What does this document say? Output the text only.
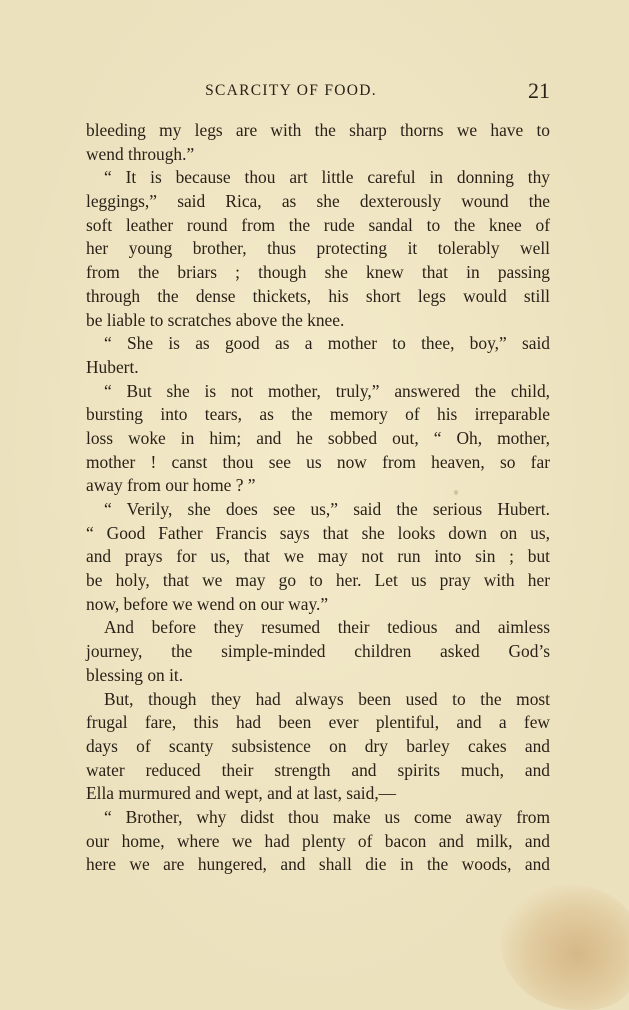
SCARCITY OF FOOD.	21

bleeding my legs are with the sharp thorns we have to

wend through.”

“ It is because thou art little careful in donning thy

leggings,” said Rica, as she dexterously wound the

soft leather round from the rude sandal to the knee of

her young brother, thus protecting it tolerably well

from the briars ; though she knew that in passing

through the dense thickets, his short legs would still

be liable to scratches above the knee.

“ She is as good as a mother to thee, boy,” said

Hubert.

“ But she is not mother, truly,” answered the child,

bursting into tears, as the memory of his irreparable

loss woke in him; and he sobbed out, “ Oh, mother,

mother ! canst thou see us now from heaven, so far

away from our home ? ”

“ Verily, she does see us,” said the serious Hubert.

“ Good Father Francis says that she looks down on us,

and prays for us, that we may not run into sin ; but

be holy, that we may go to her. Let us pray with her

now, before we wend on our way.”

And before they resumed their tedious and aimless

journey, the simple-minded children asked God’s

blessing on it.

But, though they had always been used to the most

frugal fare, this had been ever plentiful, and a few

days of scanty subsistence on dry barley cakes and

water reduced their strength and spirits much, and

Ella murmured and wept, and at last, said,—

“ Brother, why didst thou make us come away from

our home, where we had plenty of bacon and milk, and

here we are hungered, and shall die in the woods, and
